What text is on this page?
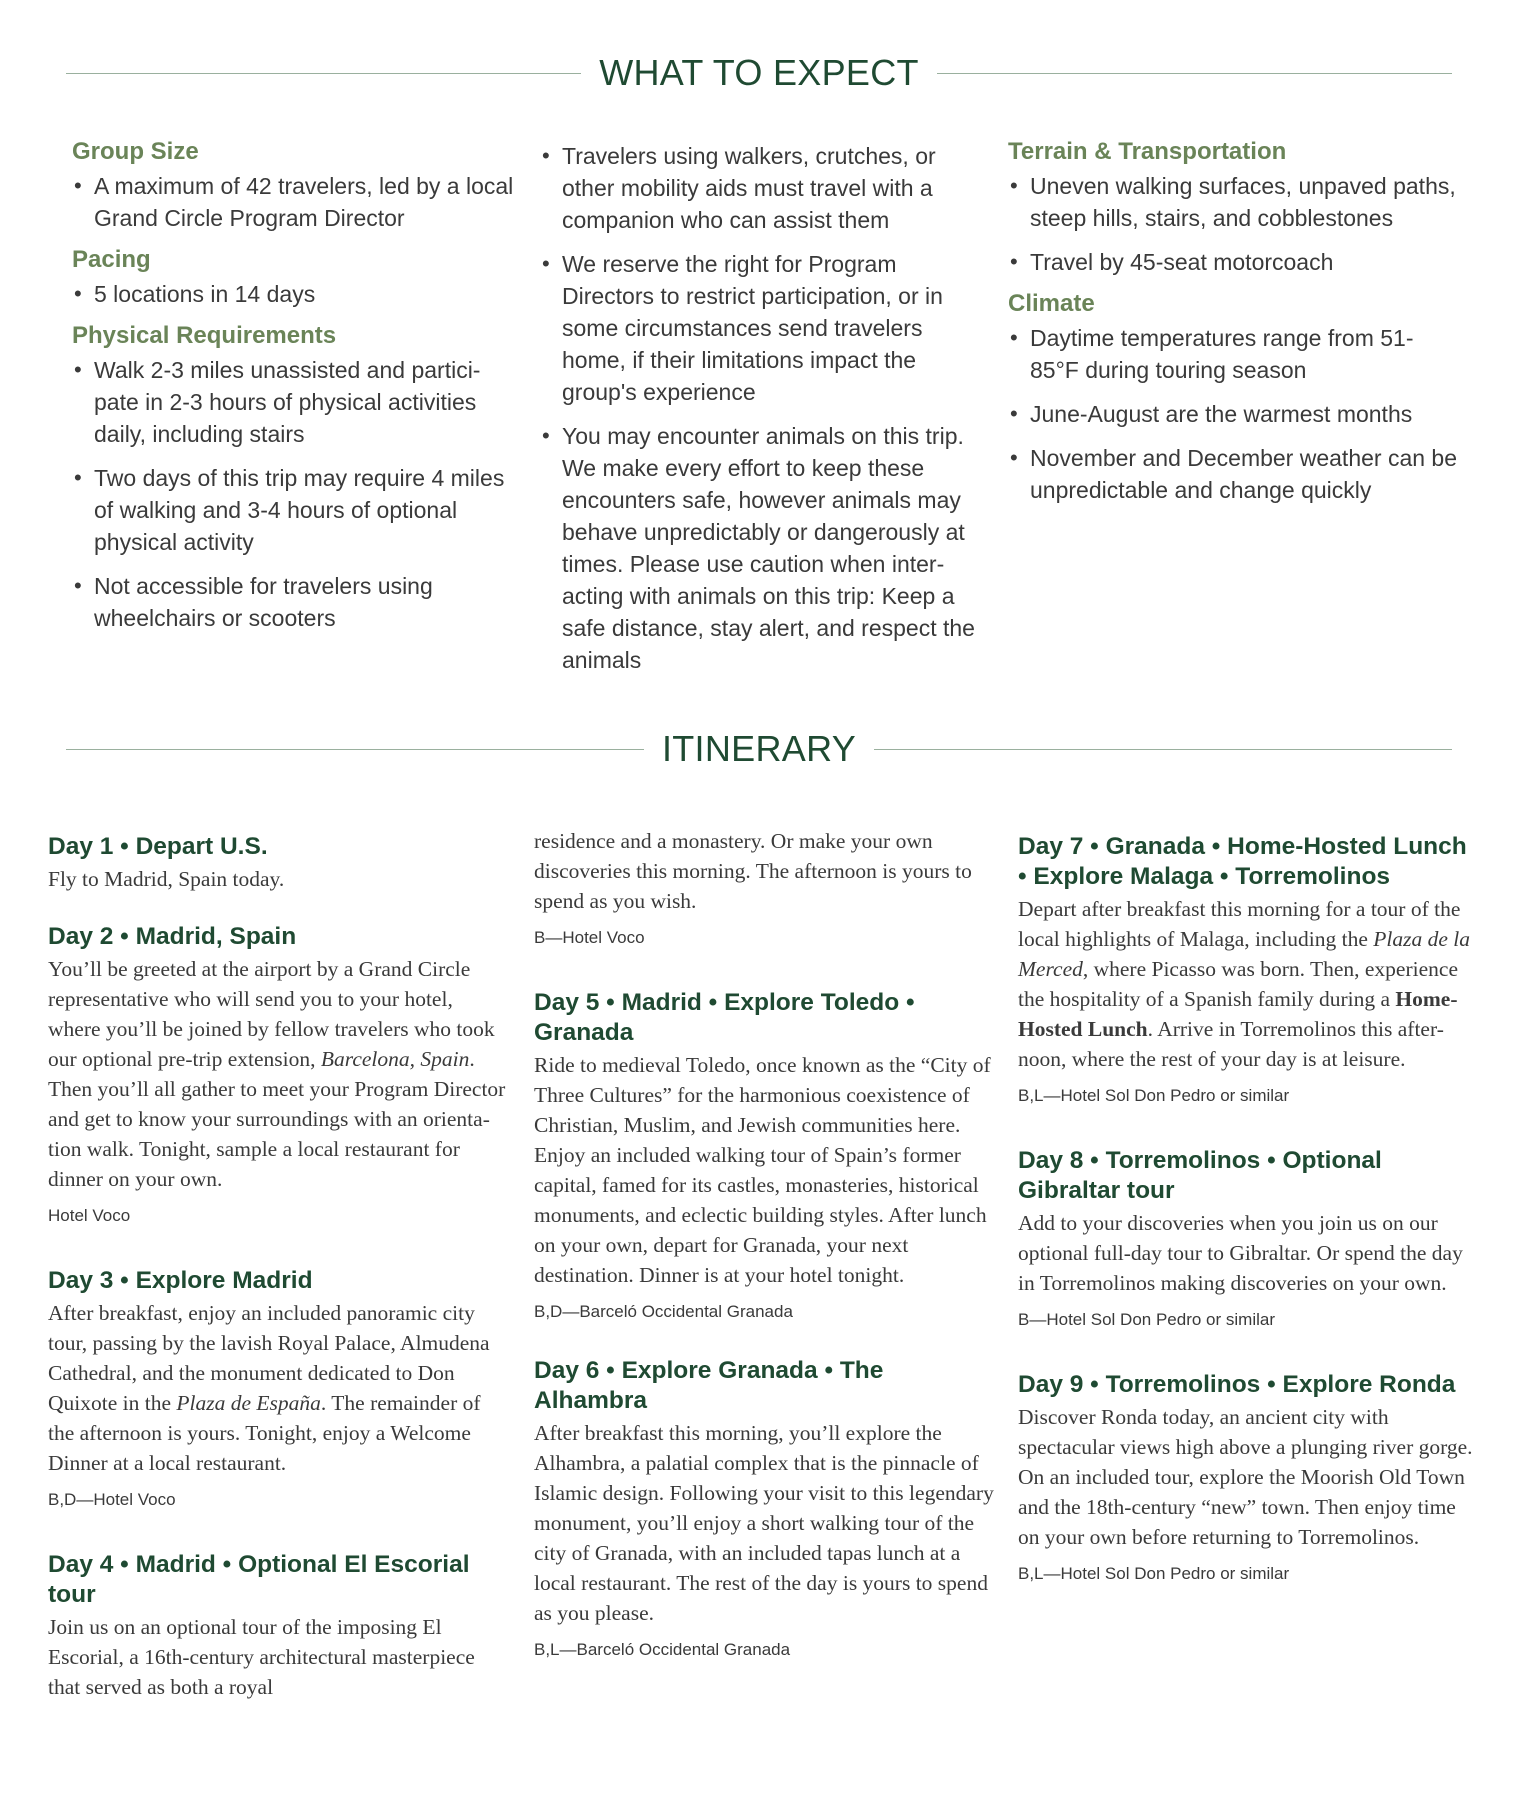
WHAT TO EXPECT
Group Size
• A maximum of 42 travelers, led by a local Grand Circle Program Director
Pacing
• 5 locations in 14 days
Physical Requirements
• Walk 2-3 miles unassisted and partici-pate in 2-3 hours of physical activities daily, including stairs
• Two days of this trip may require 4 miles of walking and 3-4 hours of optional physical activity
• Not accessible for travelers using wheelchairs or scooters
• Travelers using walkers, crutches, or other mobility aids must travel with a companion who can assist them
• We reserve the right for Program Directors to restrict participation, or in some circumstances send travelers home, if their limitations impact the group's experience
• You may encounter animals on this trip. We make every effort to keep these encounters safe, however animals may behave unpredictably or dangerously at times. Please use caution when inter-acting with animals on this trip: Keep a safe distance, stay alert, and respect the animals
Terrain & Transportation
• Uneven walking surfaces, unpaved paths, steep hills, stairs, and cobblestones
• Travel by 45-seat motorcoach
Climate
• Daytime temperatures range from 51-85°F during touring season
• June-August are the warmest months
• November and December weather can be unpredictable and change quickly
ITINERARY
Day 1 • Depart U.S.

Fly to Madrid, Spain today.

Day 2 • Madrid, Spain

You’ll be greeted at the airport by a Grand Circle representative who will send you to your hotel, where you’ll be joined by fellow travelers who took our optional pre-trip extension, Barcelona, Spain. Then you’ll all gather to meet your Program Director and get to know your surroundings with an orienta-tion walk. Tonight, sample a local restaurant for dinner on your own.

Hotel Voco
Day 3 • Explore Madrid

After breakfast, enjoy an included panoramic city tour, passing by the lavish Royal Palace, Almudena Cathedral, and the monument dedicated to Don Quixote in the Plaza de España. The remainder of the afternoon is yours. Tonight, enjoy a Welcome Dinner at a local restaurant.

B,D—Hotel Voco
Day 4 • Madrid • Optional El Escorial tour

Join us on an optional tour of the imposing El Escorial, a 16th-century architectural masterpiece that served as both a royal

residence and a monastery. Or make your own discoveries this morning. The afternoon is yours to spend as you wish.

B—Hotel Voco
Day 5 • Madrid • Explore Toledo • Granada

Ride to medieval Toledo, once known as the “City of Three Cultures” for the harmonious coexistence of Christian, Muslim, and Jewish communities here. Enjoy an included walking tour of Spain’s former capital, famed for its castles, monasteries, historical monuments, and eclectic building styles. After lunch on your own, depart for Granada, your next destination. Dinner is at your hotel tonight.

B,D—Barceló Occidental Granada
Day 6 • Explore Granada • The Alhambra

After breakfast this morning, you’ll explore the Alhambra, a palatial complex that is the pinnacle of Islamic design. Following your visit to this legendary monument, you’ll enjoy a short walking tour of the city of Granada, with an included tapas lunch at a local restaurant. The rest of the day is yours to spend as you please.

B,L—Barceló Occidental Granada
Day 7 • Granada • Home-Hosted Lunch • Explore Malaga • Torremolinos

Depart after breakfast this morning for a tour of the local highlights of Malaga, including the Plaza de la Merced, where Picasso was born. Then, experience the hospitality of a Spanish family during a Home-Hosted Lunch. Arrive in Torremolinos this after-noon, where the rest of your day is at leisure.

B,L—Hotel Sol Don Pedro or similar
Day 8 • Torremolinos • Optional Gibraltar tour

Add to your discoveries when you join us on our optional full-day tour to Gibraltar. Or spend the day in Torremolinos making discoveries on your own.

B—Hotel Sol Don Pedro or similar
Day 9 • Torremolinos • Explore Ronda

Discover Ronda today, an ancient city with spectacular views high above a plunging river gorge. On an included tour, explore the Moorish Old Town and the 18th-century “new” town. Then enjoy time on your own before returning to Torremolinos.

B,L—Hotel Sol Don Pedro or similar
